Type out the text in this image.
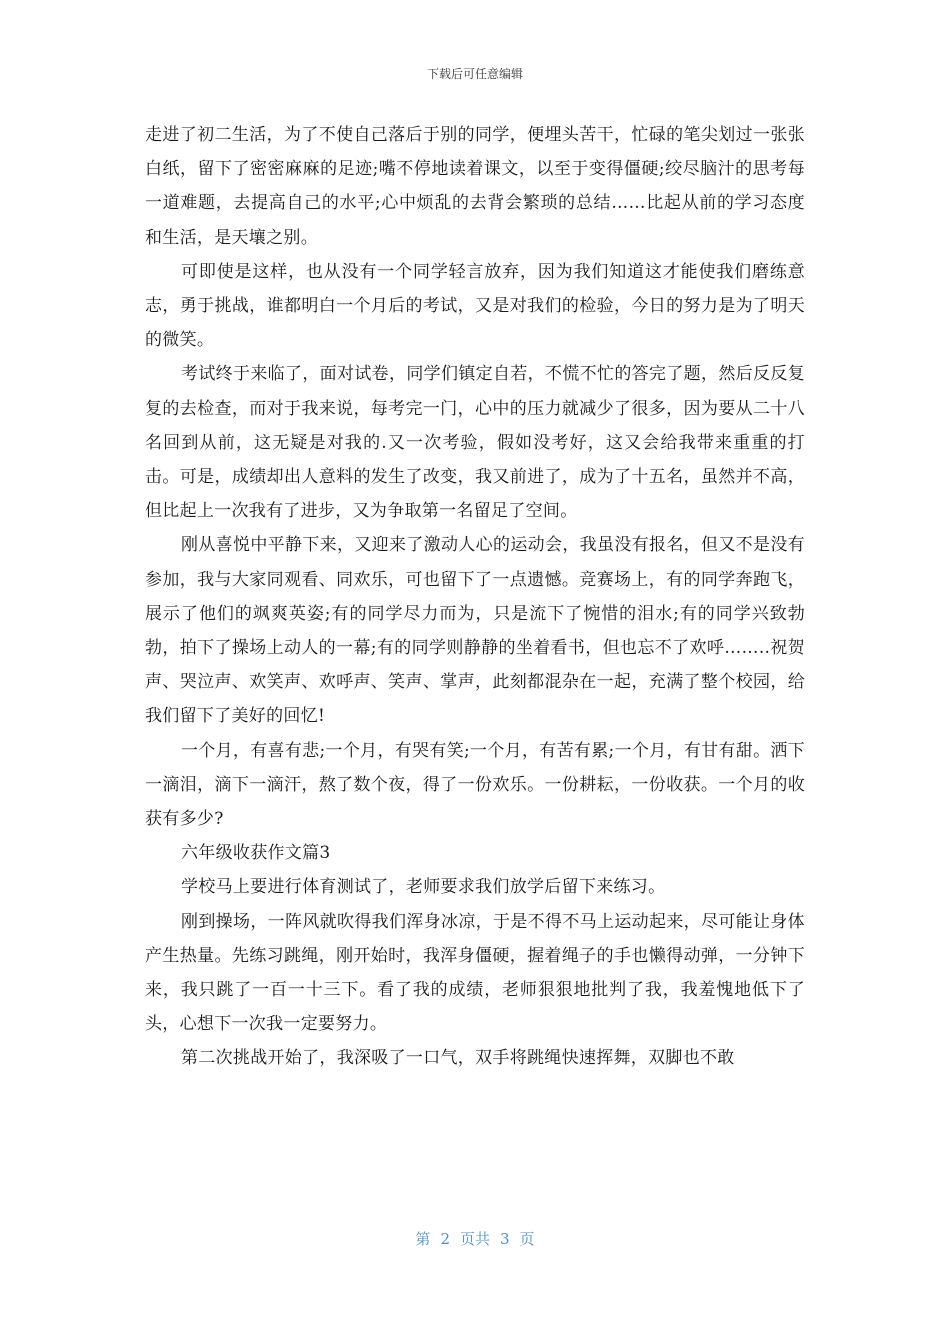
下载后可任意编辑

走进了初二生活，为了不使自己落后于别的同学，便埋头苦干，忙碌的笔尖划过一张张白纸，留下了密密麻麻的足迹;嘴不停地读着课文，以至于变得僵硬;绞尽脑汁的思考每一道难题，去提高自己的水平;心中烦乱的去背会繁琐的总结……比起从前的学习态度和生活，是天壤之别。

可即使是这样，也从没有一个同学轻言放弃，因为我们知道这才能使我们磨练意志，勇于挑战，谁都明白一个月后的考试，又是对我们的检验，今日的努力是为了明天的微笑。

考试终于来临了，面对试卷，同学们镇定自若，不慌不忙的答完了题，然后反反复复的去检查，而对于我来说，每考完一门，心中的压力就减少了很多，因为要从二十八名回到从前，这无疑是对我的.又一次考验，假如没考好，这又会给我带来重重的打击。可是，成绩却出人意料的发生了改变，我又前进了，成为了十五名，虽然并不高，但比起上一次我有了进步，又为争取第一名留足了空间。

刚从喜悦中平静下来，又迎来了激动人心的运动会，我虽没有报名，但又不是没有参加，我与大家同观看、同欢乐，可也留下了一点遗憾。竞赛场上，有的同学奔跑飞，展示了他们的飒爽英姿;有的同学尽力而为，只是流下了惋惜的泪水;有的同学兴致勃勃，拍下了操场上动人的一幕;有的同学则静静的坐着看书，但也忘不了欢呼……..祝贺声、哭泣声、欢笑声、欢呼声、笑声、掌声，此刻都混杂在一起，充满了整个校园，给我们留下了美好的回忆!

一个月，有喜有悲;一个月，有哭有笑;一个月，有苦有累;一个月，有甘有甜。洒下一滴泪，滴下一滴汗，熬了数个夜，得了一份欢乐。一份耕耘，一份收获。一个月的收获有多少?

六年级收获作文篇3

学校马上要进行体育测试了，老师要求我们放学后留下来练习。

刚到操场，一阵风就吹得我们浑身冰凉，于是不得不马上运动起来，尽可能让身体产生热量。先练习跳绳，刚开始时，我浑身僵硬，握着绳子的手也懒得动弹，一分钟下来，我只跳了一百一十三下。看了我的成绩，老师狠狠地批判了我，我羞愧地低下了头，心想下一次我一定要努力。

第二次挑战开始了，我深吸了一口气，双手将跳绳快速挥舞，双脚也不敢

第 2 页共 3 页
